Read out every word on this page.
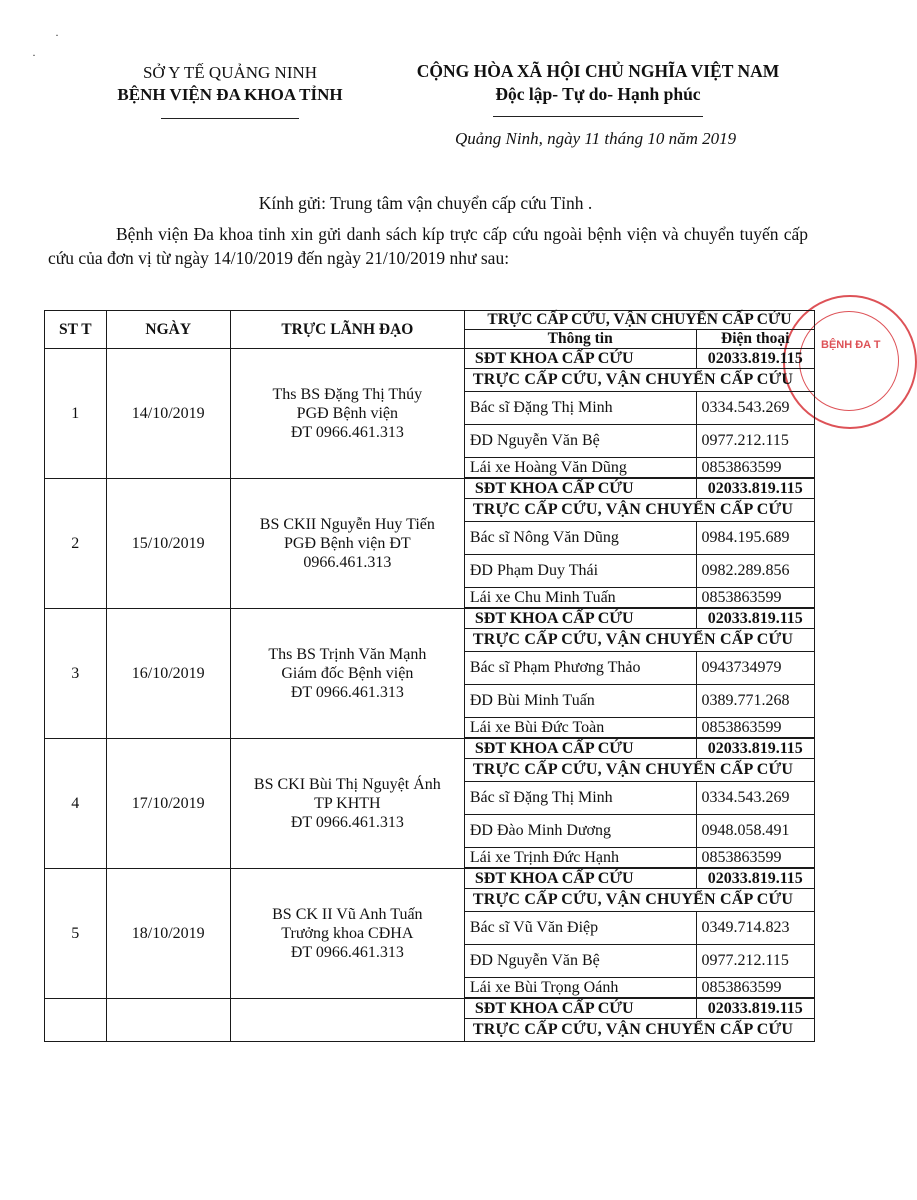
·
·
SỞ Y TẾ QUẢNG NINH
BỆNH VIỆN ĐA KHOA TỈNH
CỘNG HÒA XÃ HỘI CHỦ NGHĨA VIỆT NAM
Độc lập- Tự do- Hạnh phúc
Quảng Ninh, ngày 11 tháng 10 năm 2019
Kính gửi: Trung tâm vận chuyển cấp cứu Tỉnh .
Bệnh viện Đa khoa tỉnh xin gửi danh sách kíp trực cấp cứu ngoài bệnh viện và chuyển tuyến cấp cứu của đơn vị từ ngày 14/10/2019 đến ngày 21/10/2019 như sau:
BỆNH ĐA T
ST T	NGÀY	TRỰC LÃNH ĐẠO	TRỰC CẤP CỨU, VẬN CHUYỂN CẤP CỨU	
			Thông tin	Điện thoại
1	14/10/2019	Ths BS Đặng Thị Thúy
PGĐ Bệnh viện
ĐT 0966.461.313	SĐT KHOA CẤP CỨU	02033.819.115
			TRỰC CẤP CỨU, VẬN CHUYỂN CẤP CỨU	
			Bác sĩ Đặng Thị Minh	0334.543.269
			ĐD Nguyễn Văn Bệ	0977.212.115
			Lái xe Hoàng Văn Dũng	0853863599

2	15/10/2019	BS CKII Nguyễn Huy Tiến
PGĐ Bệnh viện ĐT
0966.461.313	SĐT KHOA CẤP CỨU	02033.819.115
			TRỰC CẤP CỨU, VẬN CHUYỂN CẤP CỨU	
			Bác sĩ Nông Văn Dũng	0984.195.689
			ĐD Phạm Duy Thái	0982.289.856
			Lái xe Chu Minh Tuấn	0853863599

3	16/10/2019	Ths BS Trịnh Văn Mạnh
Giám đốc Bệnh viện
ĐT 0966.461.313	SĐT KHOA CẤP CỨU	02033.819.115
			TRỰC CẤP CỨU, VẬN CHUYỂN CẤP CỨU	
			Bác sĩ Phạm Phương Thảo	0943734979
			ĐD Bùi Minh Tuấn	0389.771.268
			Lái xe Bùi Đức Toàn	0853863599

4	17/10/2019	BS CKI Bùi Thị Nguyệt Ánh
TP KHTH
ĐT 0966.461.313	SĐT KHOA CẤP CỨU	02033.819.115
			TRỰC CẤP CỨU, VẬN CHUYỂN CẤP CỨU	
			Bác sĩ Đặng Thị Minh	0334.543.269
			ĐD Đào Minh Dương	0948.058.491
			Lái xe Trịnh Đức Hạnh	0853863599

5	18/10/2019	BS CK II Vũ Anh Tuấn
Trưởng khoa CĐHA
ĐT 0966.461.313	SĐT KHOA CẤP CỨU	02033.819.115
			TRỰC CẤP CỨU, VẬN CHUYỂN CẤP CỨU	
			Bác sĩ Vũ Văn Điệp	0349.714.823
			ĐD Nguyễn Văn Bệ	0977.212.115
			Lái xe Bùi Trọng Oánh	0853863599

			SĐT KHOA CẤP CỨU	02033.819.115
			TRỰC CẤP CỨU, VẬN CHUYỂN CẤP CỨU	
